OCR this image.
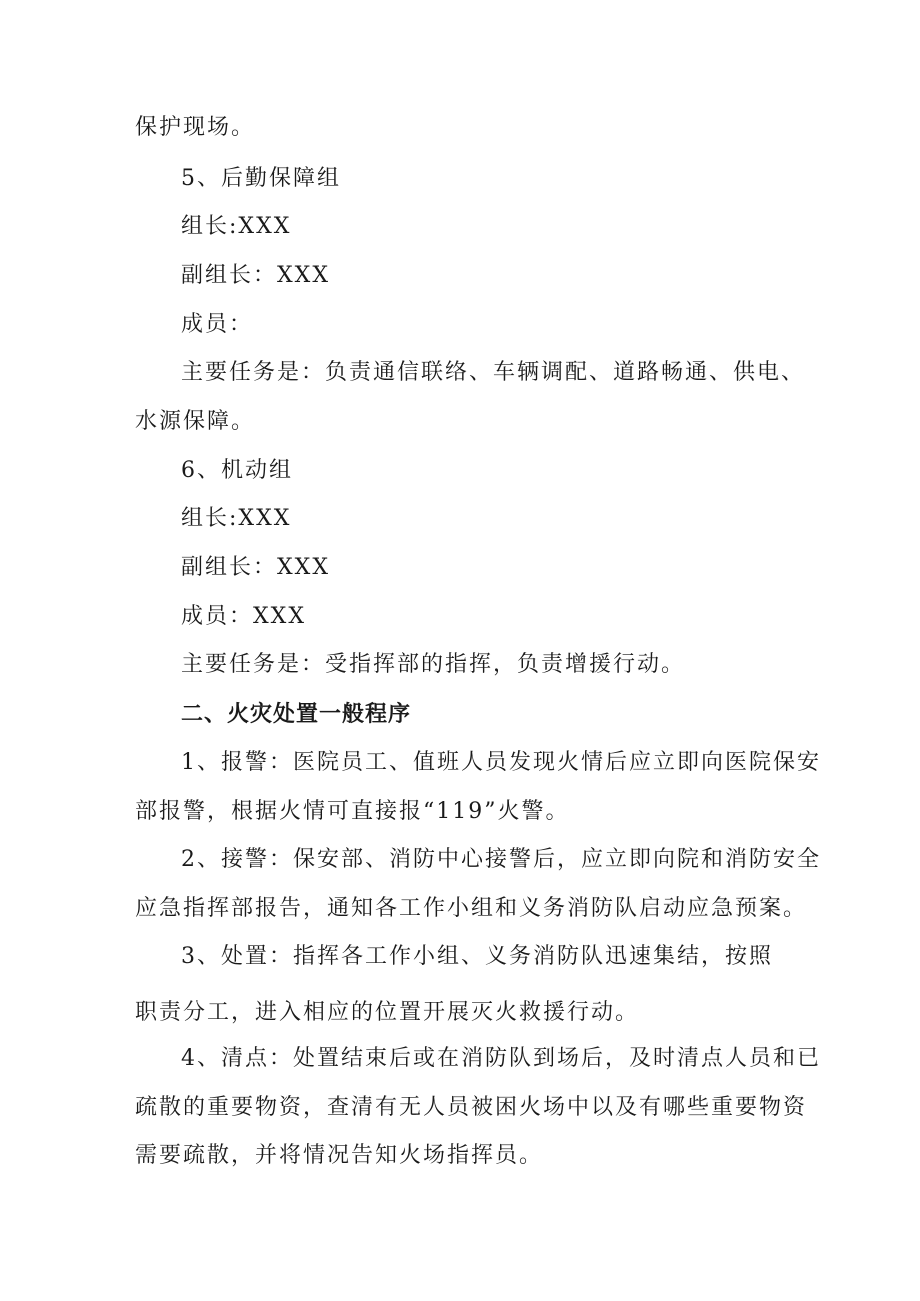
保护现场。
5、后勤保障组
组长:XXX
副组长：XXX
成员：
主要任务是：负责通信联络、车辆调配、道路畅通、供电、
水源保障。
6、机动组
组长:XXX
副组长：XXX
成员：XXX
主要任务是：受指挥部的指挥，负责增援行动。
二、火灾处置一般程序
1、报警：医院员工、值班人员发现火情后应立即向医院保安
部报警，根据火情可直接报“119”火警。
2、接警：保安部、消防中心接警后，应立即向院和消防安全
应急指挥部报告，通知各工作小组和义务消防队启动应急预案。
3、处置：指挥各工作小组、义务消防队迅速集结，按照
职责分工，进入相应的位置开展灭火救援行动。
4、清点：处置结束后或在消防队到场后，及时清点人员和已
疏散的重要物资，查清有无人员被困火场中以及有哪些重要物资
需要疏散，并将情况告知火场指挥员。
